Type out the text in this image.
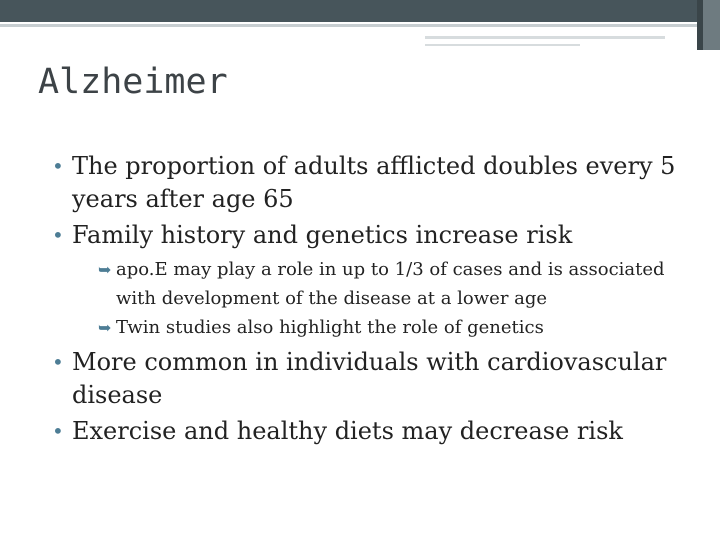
Alzheimer
• The proportion of adults afflicted doubles every 5 years after age 65
• Family history and genetics increase risk
➥ apo.E may play a role in up to 1/3 of cases and is associated with development of the disease at a lower age
➥ Twin studies also highlight the role of genetics
• More common in individuals with cardiovascular disease
• Exercise and healthy diets may decrease risk
